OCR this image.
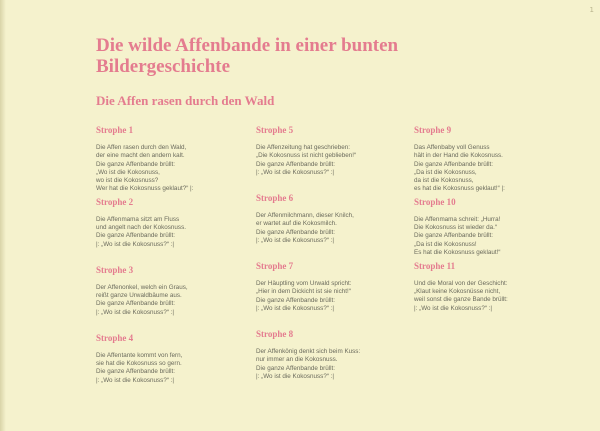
1
Die wilde Affenbande in einer bunten Bildergeschichte
Die Affen rasen durch den Wald
Strophe 1
Die Affen rasen durch den Wald,
der eine macht den andern kalt.
Die ganze Affenbande brüllt:
„Wo ist die Kokosnuss,
wo ist die Kokosnuss?
Wer hat die Kokosnuss geklaut?“ |:
Strophe 2
Die Affenmama sitzt am Fluss
und angelt nach der Kokosnuss.
Die ganze Affenbande brüllt:
|: „Wo ist die Kokosnuss?“ :|
Strophe 3
Der Affenonkel, welch ein Graus,
reißt ganze Urwaldbäume aus.
Die ganze Affenbande brüllt:
|: „Wo ist die Kokosnuss?“ :|
Strophe 4
Die Affentante kommt von fern,
sie hat die Kokosnuss so gern.
Die ganze Affenbande brüllt:
|: „Wo ist die Kokosnuss?“ :|
Strophe 5
Die Affenzeitung hat geschrieben:
„Die Kokosnuss ist nicht geblieben!“
Die ganze Affenbande brüllt:
|: „Wo ist die Kokosnuss?“ :|
Strophe 6
Der Affenmilchmann, dieser Knilch,
er wartet auf die Kokosmilch.
Die ganze Affenbande brüllt:
|: „Wo ist die Kokosnuss?“ :|
Strophe 7
Der Häuptling vom Urwald spricht:
„Hier in dem Dickicht ist sie nicht!“
Die ganze Affenbande brüllt:
|: „Wo ist die Kokosnuss?“ :|
Strophe 8
Der Affenkönig denkt sich beim Kuss:
nur immer an die Kokosnuss.
Die ganze Affenbande brüllt:
|: „Wo ist die Kokosnuss?“ :|
Strophe 9
Das Affenbaby voll Genuss
hält in der Hand die Kokosnuss.
Die ganze Affenbande brüllt:
„Da ist die Kokosnuss,
da ist die Kokosnuss,
es hat die Kokosnuss geklaut!“ |:
Strophe 10
Die Affenmama schreit: „Hurra!
Die Kokosnuss ist wieder da.“
Die ganze Affenbande brüllt:
„Da ist die Kokosnuss!
Es hat die Kokosnuss geklaut!“
Strophe 11
Und die Moral von der Geschicht:
„Klaut keine Kokosnüsse nicht,
weil sonst die ganze Bande brüllt:
|: „Wo ist die Kokosnuss?“ :|
